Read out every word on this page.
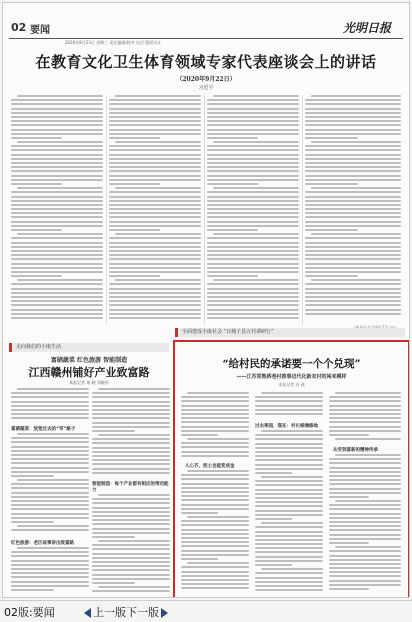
02 要闻	光明日报
2020年9月23日 星期三 责任编辑/校对 电话 版面设计
在教育文化卫生体育领域专家代表座谈会上的讲话
（2020年9月22日）
习近平
走向我们的小康生活
富硒蔬菜 红色旅游 智能制造
江西赣州铺好产业致富路
本报记者 胡 晓 刘晓军
富硒蔬菜：放宽过去的“窄”路子
红色旅游：老区故事讲出致富路
智能制造：每个产业都有相应的带动能力
全面建成小康社会 “百城千县万村调研行”
“给村民的承诺要一个个兑现”
——江苏常熟蒋巷村推事迈代化新农村的闯来模样
本报记者 苏 燕
人心齐，泥土也能变成金
过去果园，现在：村长修缮修地
从穷到富新的精神传承
02版:要闻	上一版 下一版
